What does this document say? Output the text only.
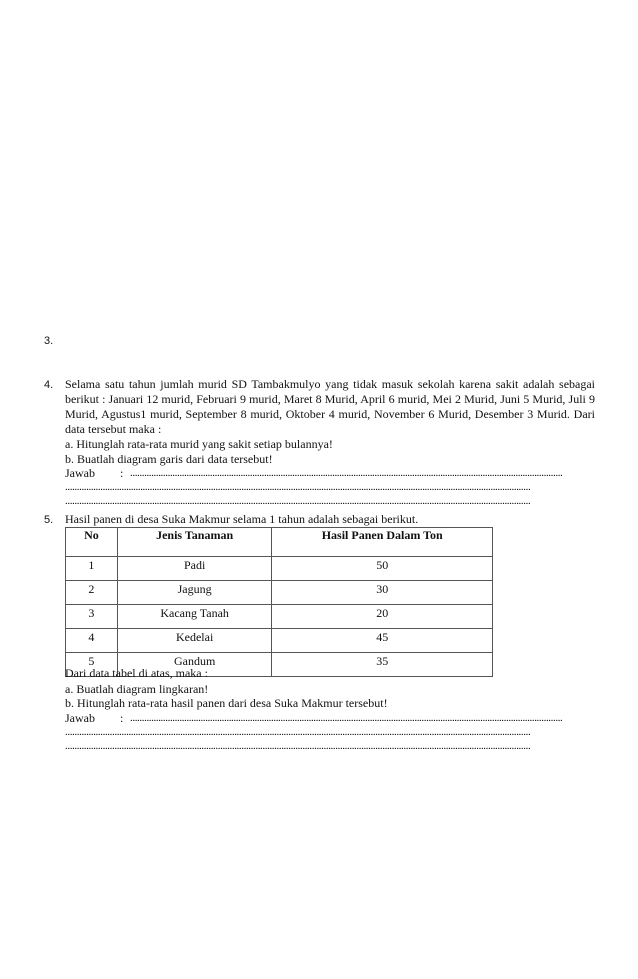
3.
4. Selama satu tahun jumlah murid SD Tambakmulyo yang tidak masuk sekolah karena sakit adalah sebagai berikut : Januari 12 murid, Februari 9 murid, Maret 8 Murid, April 6 murid, Mei 2 Murid, Juni 5 Murid, Juli 9 Murid, Agustus1 murid, September 8 murid, Oktober 4 murid, November 6 Murid, Desember 3 Murid. Dari data tersebut maka :
a. Hitunglah rata-rata murid yang sakit setiap bulannya!
b. Buatlah diagram garis dari data tersebut!
Jawab : ........................................................................................................................................................................................
......................................................................................................................................................................................................
......................................................................................................................................................................................................
5. Hasil panen di desa Suka Makmur selama 1 tahun adalah sebagai berikut.
No	Jenis Tanaman	Hasil Panen Dalam Ton
1	Padi	50
2	Jagung	30
3	Kacang Tanah	20
4	Kedelai	45
5	Gandum	35
Dari data tabel di atas, maka :
a. Buatlah diagram lingkaran!
b. Hitunglah rata-rata hasil panen dari desa Suka Makmur tersebut!
Jawab : ........................................................................................................................................................................................
......................................................................................................................................................................................................
......................................................................................................................................................................................................
